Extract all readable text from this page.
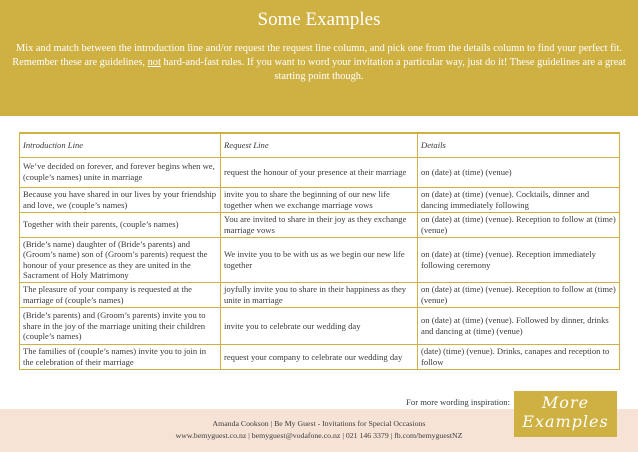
Some Examples
Mix and match between the introduction line and/or request the request line column, and pick one from the details column to find your perfect fit. Remember these are guidelines, not hard-and-fast rules. If you want to word your invitation a particular way, just do it! These guidelines are a great starting point though.
Introduction Line	Request Line	Details
We’ve decided on forever, and forever begins when we, (couple’s names) unite in marriage	request the honour of your presence at their marriage	on (date) at (time) (venue)
Because you have shared in our lives by your friendship and love, we (couple’s names)	invite you to share the beginning of our new life together when we exchange marriage vows	on (date) at (time) (venue). Cocktails, dinner and dancing immediately following
Together with their parents, (couple’s names)	You are invited to share in their joy as they exchange marriage vows	on (date) at (time) (venue). Reception to follow at (time) (venue)
(Bride’s name) daughter of (Bride’s parents) and (Groom’s name) son of (Groom’s parents) request the honour of your presence as they are united in the Sacrament of Holy Matrimony	We invite you to be with us as we begin our new life together	on (date) at (time) (venue). Reception immediately following ceremony
The pleasure of your company is requested at the marriage of (couple’s names)	joyfully invite you to share in their happiness as they unite in marriage	on (date) at (time) (venue). Reception to follow at (time) (venue)
(Bride’s parents) and (Groom’s parents) invite you to share in the joy of the marriage uniting their children (couple’s names)	invite you to celebrate our wedding day	on (date) at (time) (venue). Followed by dinner, drinks and dancing at (time) (venue)
The families of (couple’s names) invite you to join in the celebration of their marriage	request your company to celebrate our wedding day	(date) (time) (venue). Drinks, canapes and reception to follow
For more wording inspiration:
Amanda Cookson | Be My Guest - Invitations for Special Occasions
www.bemyguest.co.nz | bemyguest@vodafone.co.nz | 021 146 3379 | fb.com/bemyguestNZ
More
Examples
